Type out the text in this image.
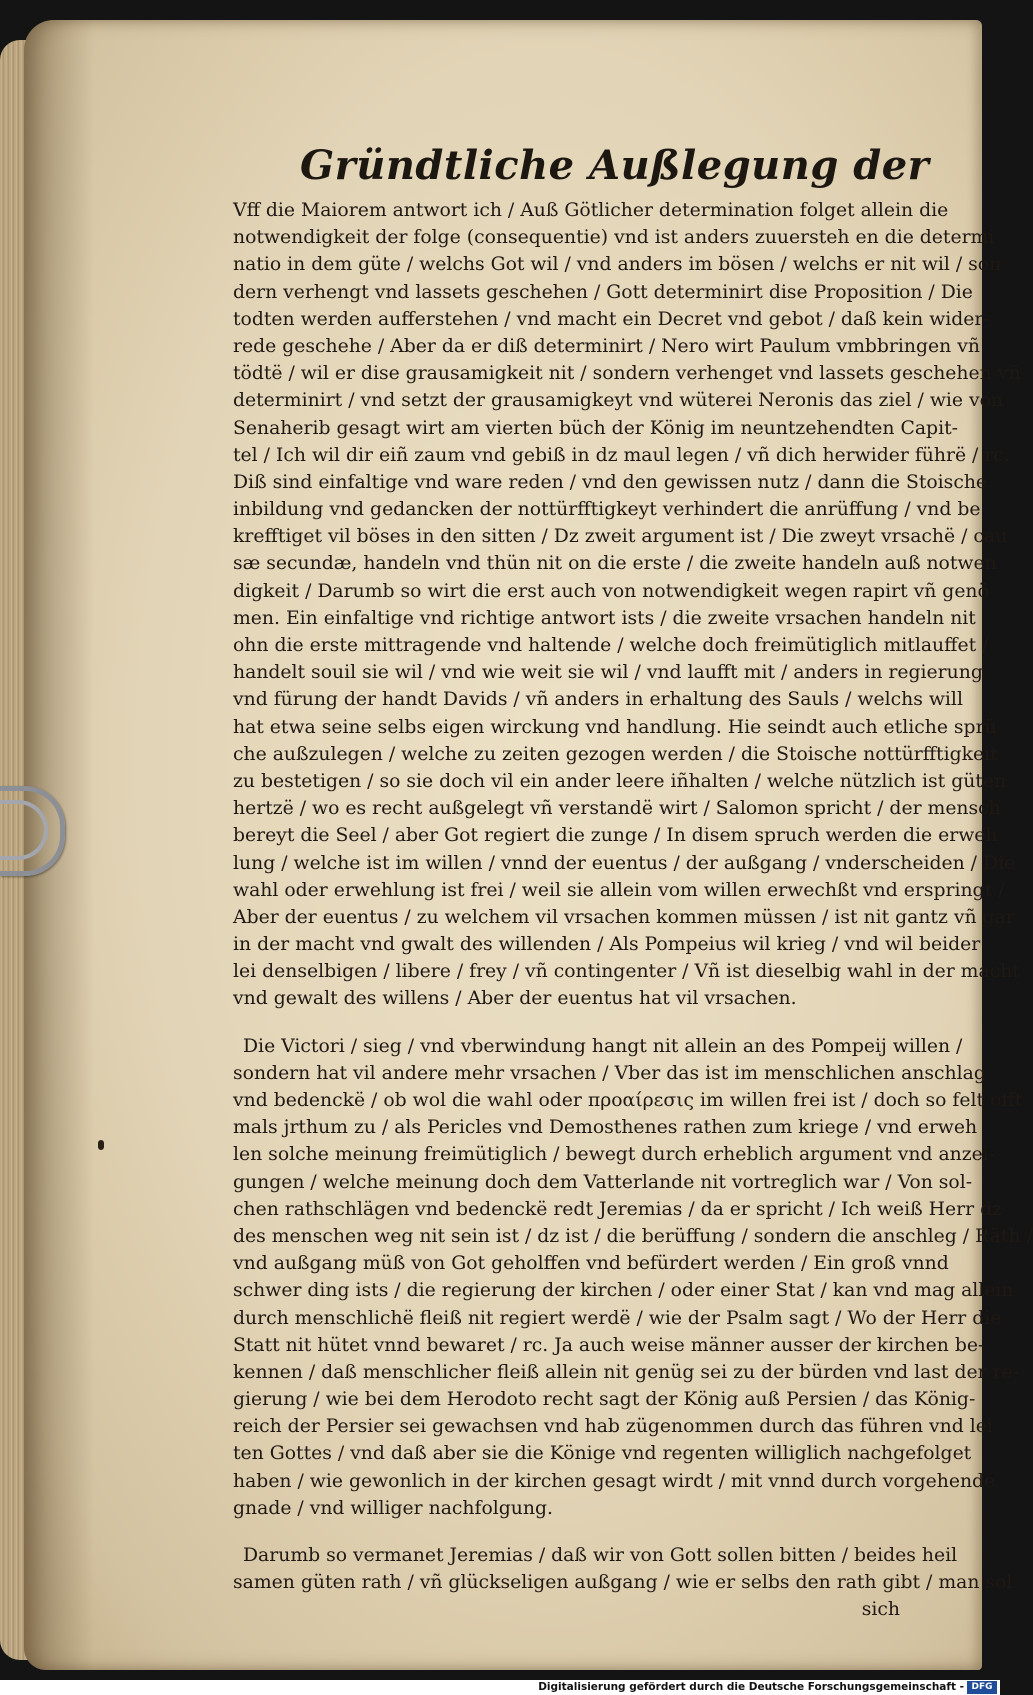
Gründtliche Außlegung der
Vff die Maiorem antwort ich / Auß Götlicher determination folget allein die
notwendigkeit der folge (consequentie) vnd ist anders zuuersteh en die determi
natio in dem güte / welchs Got wil / vnd anders im bösen / welchs er nit wil / son
dern verhengt vnd lassets geschehen / Gott determinirt dise Proposition / Die
todten werden aufferstehen / vnd macht ein Decret vnd gebot / daß kein wider-
rede geschehe / Aber da er diß determinirt / Nero wirt Paulum vmbbringen vñ
tödtë / wil er dise grausamigkeit nit / sondern verhenget vnd lassets geschehen vñ
determinirt / vnd setzt der grausamigkeyt vnd wüterei Neronis das ziel / wie von
Senaherib gesagt wirt am vierten büch der König im neuntzehendten Capit-
tel / Ich wil dir eiñ zaum vnd gebiß in dz maul legen / vñ dich herwider führë / rc.
Diß sind einfaltige vnd ware reden / vnd den gewissen nutz / dann die Stoische
inbildung vnd gedancken der nottürfftigkeyt verhindert die anrüffung / vnd be
krefftiget vil böses in den sitten / Dz zweit argument ist / Die zweyt vrsachë / cau
sæ secundæ, handeln vnd thün nit on die erste / die zweite handeln auß notwen
digkeit / Darumb so wirt die erst auch von notwendigkeit wegen rapirt vñ genö
men. Ein einfaltige vnd richtige antwort ists / die zweite vrsachen handeln nit
ohn die erste mittragende vnd haltende / welche doch freimütiglich mitlauffet /
handelt souil sie wil / vnd wie weit sie wil / vnd laufft mit / anders in regierung
vnd fürung der handt Davids / vñ anders in erhaltung des Sauls / welchs will
hat etwa seine selbs eigen wirckung vnd handlung. Hie seindt auch etliche sprü
che außzulegen / welche zu zeiten gezogen werden / die Stoische nottürfftigkeit
zu bestetigen / so sie doch vil ein ander leere iñhalten / welche nützlich ist güten
hertzë / wo es recht außgelegt vñ verstandë wirt / Salomon spricht / der mensch
bereyt die Seel / aber Got regiert die zunge / In disem spruch werden die erweh
lung / welche ist im willen / vnnd der euentus / der außgang / vnderscheiden / Die
wahl oder erwehlung ist frei / weil sie allein vom willen erwechßt vnd erspringt /
Aber der euentus / zu welchem vil vrsachen kommen müssen / ist nit gantz vñ gar
in der macht vnd gwalt des willenden / Als Pompeius wil krieg / vnd wil beider
lei denselbigen / libere / frey / vñ contingenter / Vñ ist dieselbig wahl in der macht
vnd gewalt des willens / Aber der euentus hat vil vrsachen.
Die Victori / sieg / vnd vberwindung hangt nit allein an des Pompeij willen /
sondern hat vil andere mehr vrsachen / Vber das ist im menschlichen anschlag
vnd bedenckë / ob wol die wahl oder προαίρεσις im willen frei ist / doch so felt offt
mals jrthum zu / als Pericles vnd Demosthenes rathen zum kriege / vnd erweh
len solche meinung freimütiglich / bewegt durch erheblich argument vnd anzei-
gungen / welche meinung doch dem Vatterlande nit vortreglich war / Von sol-
chen rathschlägen vnd bedenckë redt Jeremias / da er spricht / Ich weiß Herr dz
des menschen weg nit sein ist / dz ist / die berüffung / sondern die anschleg / Räth /
vnd außgang müß von Got geholffen vnd befürdert werden / Ein groß vnnd
schwer ding ists / die regierung der kirchen / oder einer Stat / kan vnd mag allein
durch menschlichë fleiß nit regiert werdë / wie der Psalm sagt / Wo der Herr die
Statt nit hütet vnnd bewaret / rc. Ja auch weise männer ausser der kirchen be-
kennen / daß menschlicher fleiß allein nit genüg sei zu der bürden vnd last der re-
gierung / wie bei dem Herodoto recht sagt der König auß Persien / das König-
reich der Persier sei gewachsen vnd hab zügenommen durch das führen vnd lei
ten Gottes / vnd daß aber sie die Könige vnd regenten williglich nachgefolget
haben / wie gewonlich in der kirchen gesagt wirdt / mit vnnd durch vorgehende
gnade / vnd williger nachfolgung.
Darumb so vermanet Jeremias / daß wir von Gott sollen bitten / beides heil
samen güten rath / vñ glückseligen außgang / wie er selbs den rath gibt / man sol
sich
Digitalisierung gefördert durch die Deutsche Forschungsgemeinschaft - DFG
